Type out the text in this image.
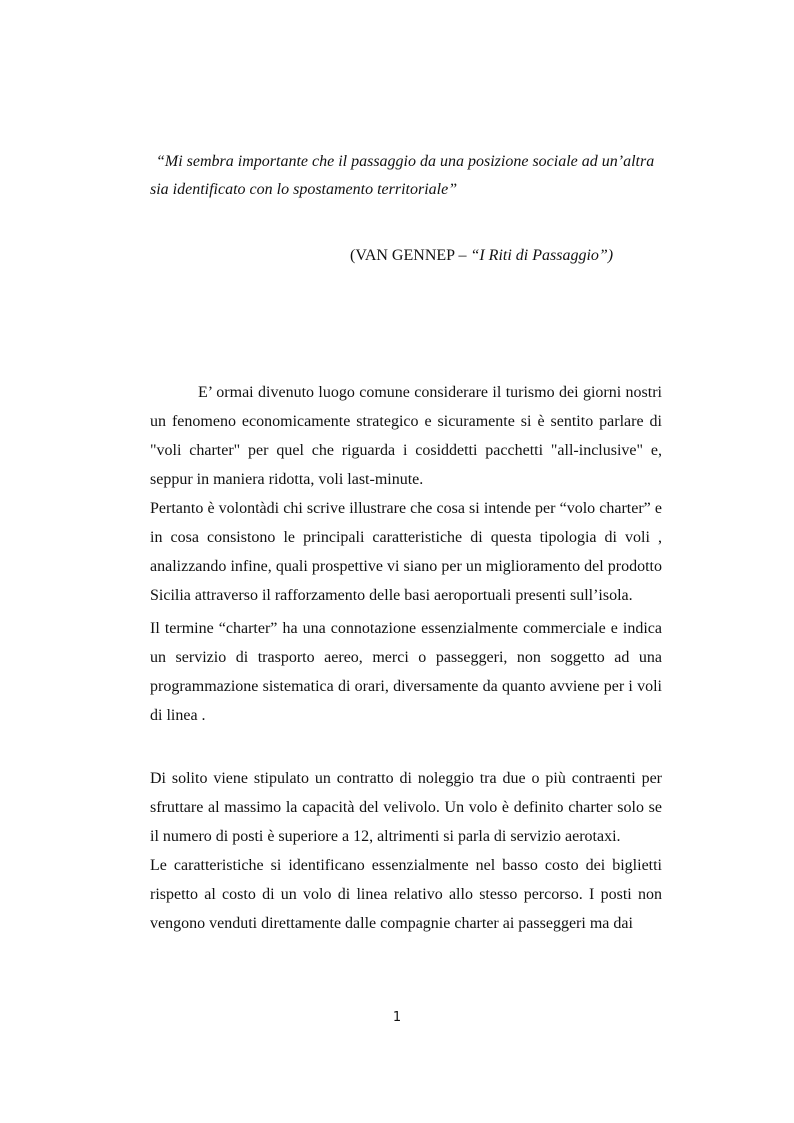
“Mi sembra importante che il passaggio da una posizione sociale ad un’altra
sia identificato con lo spostamento territoriale”
(VAN GENNEP – “I Riti di Passaggio”)

E’ ormai divenuto luogo comune considerare il turismo dei giorni nostri un fenomeno economicamente strategico e sicuramente si è sentito parlare di "voli charter" per quel che riguarda i cosiddetti pacchetti "all-inclusive" e, seppur in maniera ridotta, voli last-minute.

Pertanto è volontàdi chi scrive illustrare che cosa si intende per “volo charter” e in cosa consistono le principali caratteristiche di questa tipologia di voli , analizzando infine, quali prospettive vi siano per un miglioramento del prodotto Sicilia attraverso il rafforzamento delle basi aeroportuali presenti sull’isola.

Il termine “charter” ha una connotazione essenzialmente commerciale e indica un servizio di trasporto aereo, merci o passeggeri, non soggetto ad una programmazione sistematica di orari, diversamente da quanto avviene per i voli di linea .

Di solito viene stipulato un contratto di noleggio tra due o più contraenti per sfruttare al massimo la capacità del velivolo. Un volo è definito charter solo se il numero di posti è superiore a 12, altrimenti si parla di servizio aerotaxi.

Le caratteristiche si identificano essenzialmente nel basso costo dei biglietti rispetto al costo di un volo di linea relativo allo stesso percorso. I posti non vengono venduti direttamente dalle compagnie charter ai passeggeri ma dai

1
